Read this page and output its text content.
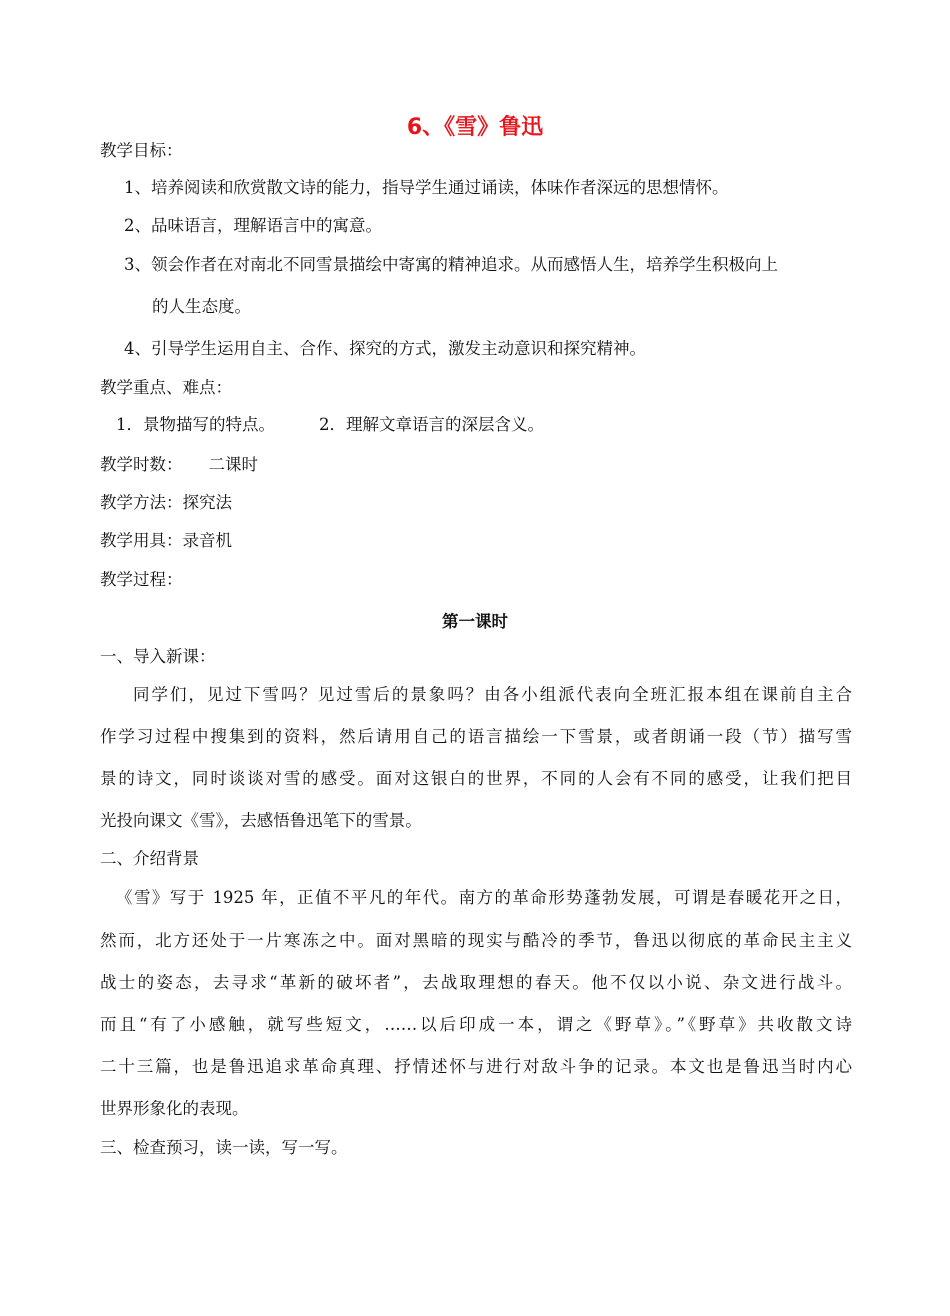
6、《雪》鲁迅
教学目标：
1、培养阅读和欣赏散文诗的能力，指导学生通过诵读，体味作者深远的思想情怀。
2、品味语言，理解语言中的寓意。
3、领会作者在对南北不同雪景描绘中寄寓的精神追求。从而感悟人生，培养学生积极向上
的人生态度。
4、引导学生运用自主、合作、探究的方式，激发主动意识和探究精神。
教学重点、难点：
1．景物描写的特点。	2．理解文章语言的深层含义。
教学时数： 二课时
教学方法：探究法
教学用具：录音机
教学过程：
第一课时
一、导入新课：
同学们，见过下雪吗？见过雪后的景象吗？由各小组派代表向全班汇报本组在课前自主合
作学习过程中搜集到的资料，然后请用自己的语言描绘一下雪景，或者朗诵一段（节）描写雪
景的诗文，同时谈谈对雪的感受。面对这银白的世界，不同的人会有不同的感受，让我们把目
光投向课文《雪》，去感悟鲁迅笔下的雪景。
二、介绍背景
《雪》写于 1925 年，正值不平凡的年代。南方的革命形势蓬勃发展，可谓是春暖花开之日，
然而，北方还处于一片寒冻之中。面对黑暗的现实与酷冷的季节，鲁迅以彻底的革命民主主义
战士的姿态，去寻求“革新的破坏者”，去战取理想的春天。他不仅以小说、杂文进行战斗。
而且“有了小感触，就写些短文，……以后印成一本，谓之《野草》。”《野草》共收散文诗
二十三篇，也是鲁迅追求革命真理、抒情述怀与进行对敌斗争的记录。本文也是鲁迅当时内心
世界形象化的表现。
三、检查预习，读一读，写一写。
